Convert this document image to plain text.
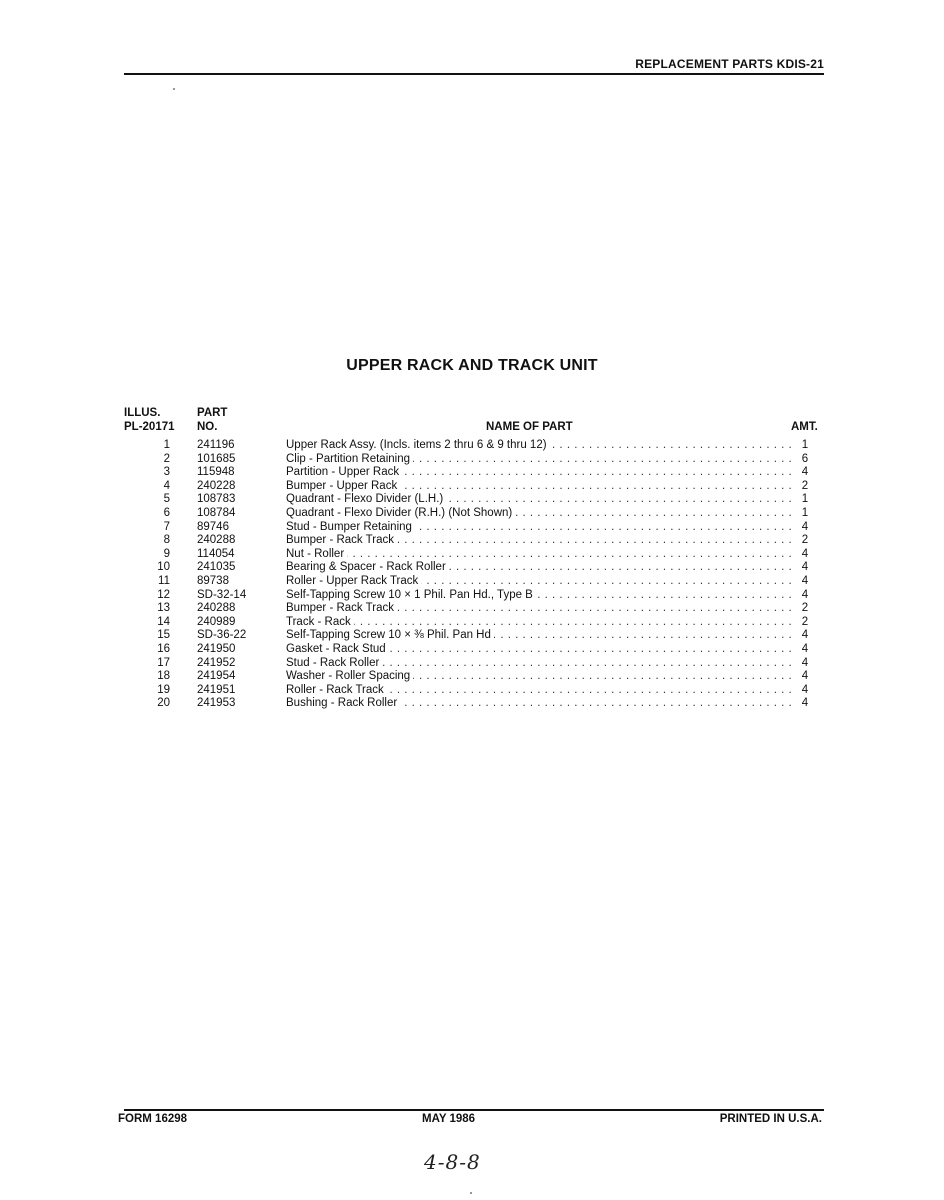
REPLACEMENT PARTS KDIS-21
UPPER RACK AND TRACK UNIT
ILLUS.
PL-20171
PART
NO.	NAME OF PART	AMT.
1 241196	Upper Rack Assy. (Incls. items 2 thru 6 & 9 thru 12) . . .	1
2 101685	Clip - Partition Retaining . . .	6
3 115948	Partition - Upper Rack . . .	4
4 240228	Bumper - Upper Rack . . .	2
5 108783	Quadrant - Flexo Divider (L.H.) . . .	1
6 108784	Quadrant - Flexo Divider (R.H.) (Not Shown) . . .	1
7 89746	Stud - Bumper Retaining . . .	4
8 240288	Bumper - Rack Track . . .	2
9 114054	Nut - Roller . . .	4
10 241035	Bearing & Spacer - Rack Roller . . .	4
11 89738	Roller - Upper Rack Track . . .	4
12 SD-32-14	Self-Tapping Screw 10 × 1 Phil. Pan Hd., Type B . . .	4
13 240288	Bumper - Rack Track . . .	2
14 240989	Track - Rack . . .	2
15 SD-36-22	Self-Tapping Screw 10 × ⅜ Phil. Pan Hd . . .	4
16 241950	Gasket - Rack Stud . . .	4
17 241952	Stud - Rack Roller . . .	4
18 241954	Washer - Roller Spacing . . .	4
19 241951	Roller - Rack Track . . .	4
20 241953	Bushing - Rack Roller . . .	4
FORM 16298	MAY 1986	PRINTED IN U.S.A.
4-8-8
